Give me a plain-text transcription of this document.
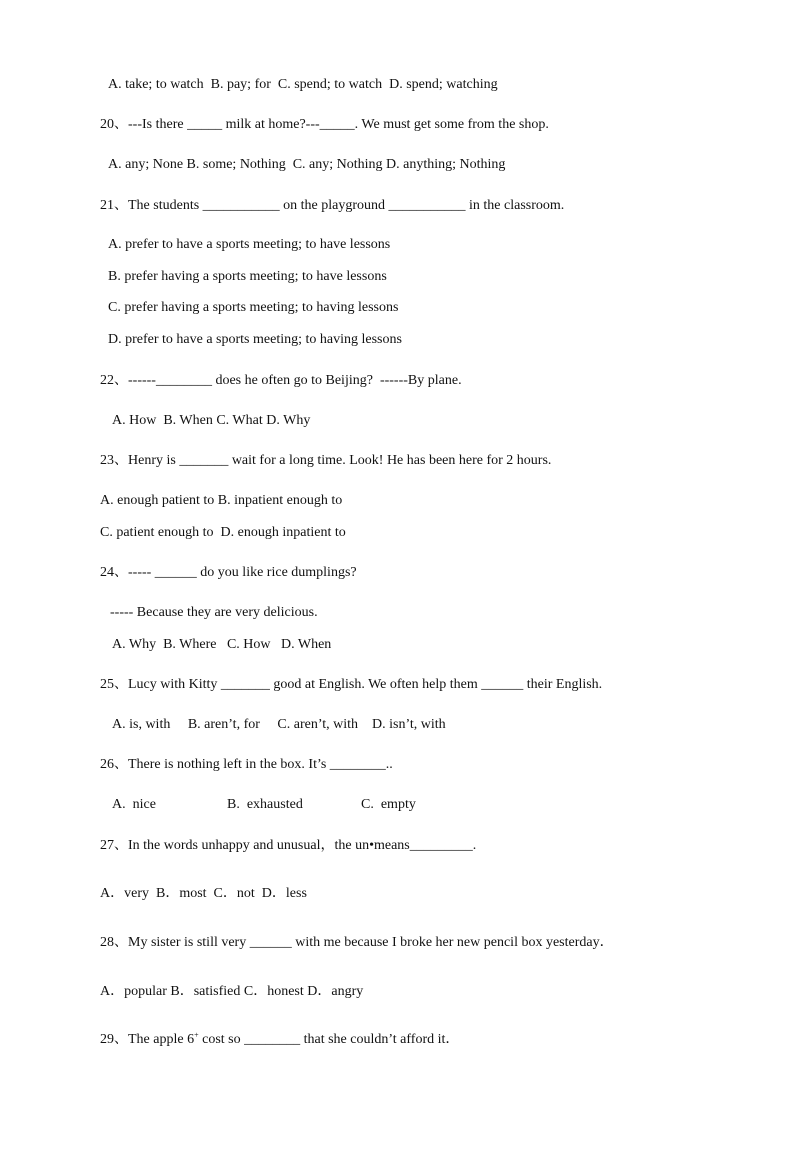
A. take; to watch  B. pay; for  C. spend; to watch  D. spend; watching
20、---Is there _____ milk at home?---_____. We must get some from the shop.
A. any; None B. some; Nothing  C. any; Nothing D. anything; Nothing
21、The students ___________ on the playground ___________ in the classroom.
A. prefer to have a sports meeting; to have lessons
B. prefer having a sports meeting; to have lessons
C. prefer having a sports meeting; to having lessons
D. prefer to have a sports meeting; to having lessons
22、------________ does he often go to Beijing?  ------By plane.
A. How  B. When C. What D. Why
23、Henry is _______ wait for a long time. Look! He has been here for 2 hours.
A. enough patient to B. inpatient enough to
C. patient enough to  D. enough inpatient to
24、----- ______ do you like rice dumplings?
----- Because they are very delicious.
A. Why  B. Where   C. How   D. When
25、Lucy with Kitty _______ good at English. We often help them ______ their English.
A. is, with     B. aren’t, for     C. aren’t, with    D. isn’t, with
26、There is nothing left in the box. It’s ________..
A.  nice	B.  exhausted	C.  empty
27、In the words unhappy and unusual，the un•means_________.
A．very  B．most  C．not  D．less
28、My sister is still very ______ with me because I broke her new pencil box yesterday．
A．popular B．satisfied C．honest D．angry
29、The apple 6+ cost so ________ that she couldn’t afford it．
